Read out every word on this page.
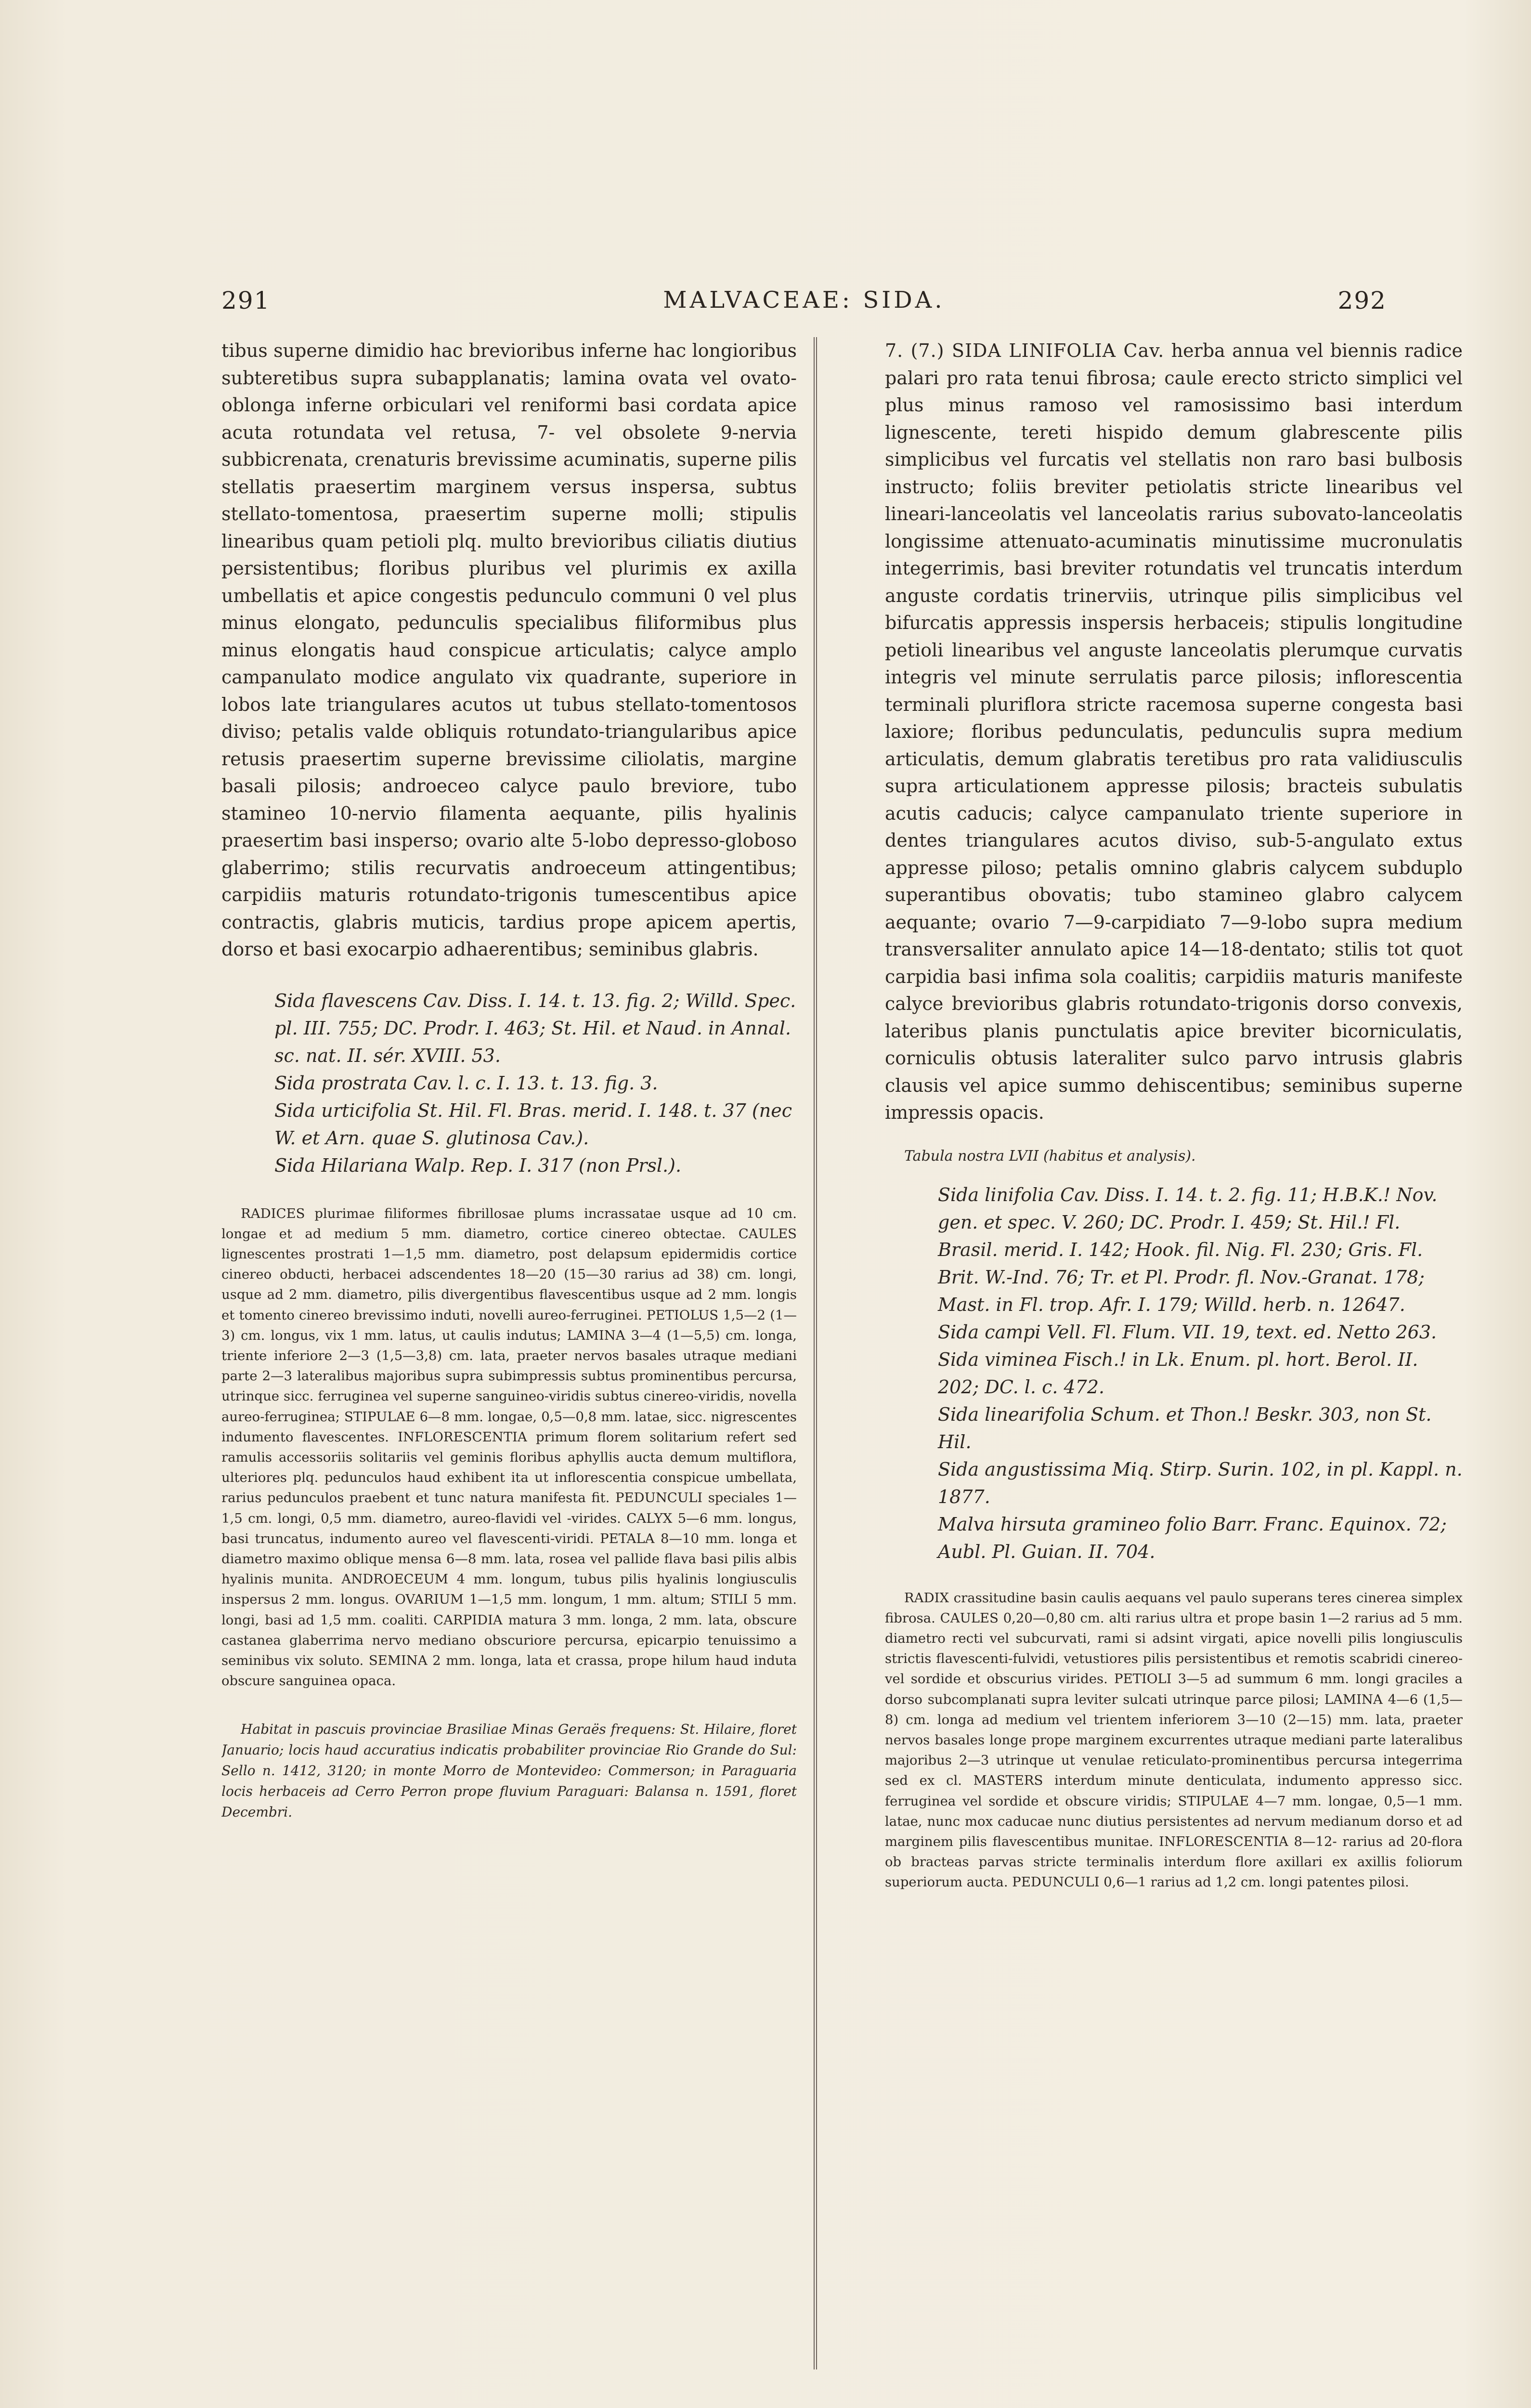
291	MALVACEAE: SIDA.	292

tibus superne dimidio hac brevioribus inferne hac longioribus subteretibus supra subapplanatis; lamina ovata vel ovato-oblonga inferne orbiculari vel reniformi basi cordata apice acuta rotundata vel retusa, 7- vel obsolete 9-nervia subbicrenata, crenaturis brevissime acuminatis, superne pilis stellatis praesertim marginem versus inspersa, subtus stellato-tomentosa, praesertim superne molli; stipulis linearibus quam petioli plq. multo brevioribus ciliatis diutius persistentibus; floribus pluribus vel plurimis ex axilla umbellatis et apice congestis pedunculo communi 0 vel plus minus elongato, pedunculis specialibus filiformibus plus minus elongatis haud conspicue articulatis; calyce amplo campanulato modice angulato vix quadrante, superiore in lobos late triangulares acutos ut tubus stellato-tomentosos diviso; petalis valde obliquis rotundato-triangularibus apice retusis praesertim superne brevissime ciliolatis, margine basali pilosis; androeceo calyce paulo breviore, tubo stamineo 10-nervio filamenta aequante, pilis hyalinis praesertim basi insperso; ovario alte 5-lobo depresso-globoso glaberrimo; stilis recurvatis androeceum attingentibus; carpidiis maturis rotundato-trigonis tumescentibus apice contractis, glabris muticis, tardius prope apicem apertis, dorso et basi exocarpio adhaerentibus; seminibus glabris.

Sida flavescens Cav. Diss. I. 14. t. 13. fig. 2; Willd. Spec. pl. III. 755; DC. Prodr. I. 463; St. Hil. et Naud. in Annal. sc. nat. II. sér. XVIII. 53.
Sida prostrata Cav. l. c. I. 13. t. 13. fig. 3.
Sida urticifolia St. Hil. Fl. Bras. merid. I. 148. t. 37 (nec W. et Arn. quae S. glutinosa Cav.).
Sida Hilariana Walp. Rep. I. 317 (non Prsl.).

RADICES plurimae filiformes fibrillosae plums incrassatae usque ad 10 cm. longae et ad medium 5 mm. diametro, cortice cinereo obtectae. CAULES lignescentes prostrati 1—1,5 mm. diametro, post delapsum epidermidis cortice cinereo obducti, herbacei adscendentes 18—20 (15—30 rarius ad 38) cm. longi, usque ad 2 mm. diametro, pilis divergentibus flavescentibus usque ad 2 mm. longis et tomento cinereo brevissimo induti, novelli aureo-ferruginei. PETIOLUS 1,5—2 (1—3) cm. longus, vix 1 mm. latus, ut caulis indutus; LAMINA 3—4 (1—5,5) cm. longa, triente inferiore 2—3 (1,5—3,8) cm. lata, praeter nervos basales utraque mediani parte 2—3 lateralibus majoribus supra subimpressis subtus prominentibus percursa, utrinque sicc. ferruginea vel superne sanguineo-viridis subtus cinereo-viridis, novella aureo-ferruginea; STIPULAE 6—8 mm. longae, 0,5—0,8 mm. latae, sicc. nigrescentes indumento flavescentes. INFLORESCENTIA primum florem solitarium refert sed ramulis accessoriis solitariis vel geminis floribus aphyllis aucta demum multiflora, ulteriores plq. pedunculos haud exhibent ita ut inflorescentia conspicue umbellata, rarius pedunculos praebent et tunc natura manifesta fit. PEDUNCULI speciales 1—1,5 cm. longi, 0,5 mm. diametro, aureo-flavidi vel -virides. CALYX 5—6 mm. longus, basi truncatus, indumento aureo vel flavescenti-viridi. PETALA 8—10 mm. longa et diametro maximo oblique mensa 6—8 mm. lata, rosea vel pallide flava basi pilis albis hyalinis munita. ANDROECEUM 4 mm. longum, tubus pilis hyalinis longiusculis inspersus 2 mm. longus. OVARIUM 1—1,5 mm. longum, 1 mm. altum; STILI 5 mm. longi, basi ad 1,5 mm. coaliti. CARPIDIA matura 3 mm. longa, 2 mm. lata, obscure castanea glaberrima nervo mediano obscuriore percursa, epicarpio tenuissimo a seminibus vix soluto. SEMINA 2 mm. longa, lata et crassa, prope hilum haud induta obscure sanguinea opaca.

Habitat in pascuis provinciae Brasiliae Minas Geraës frequens: St. Hilaire, floret Januario; locis haud accuratius indicatis probabiliter provinciae Rio Grande do Sul: Sello n. 1412, 3120; in monte Morro de Montevideo: Commerson; in Paraguaria locis herbaceis ad Cerro Perron prope fluvium Paraguari: Balansa n. 1591, floret Decembri.

7. (7.) SIDA LINIFOLIA Cav. herba annua vel biennis radice palari pro rata tenui fibrosa; caule erecto stricto simplici vel plus minus ramoso vel ramosissimo basi interdum lignescente, tereti hispido demum glabrescente pilis simplicibus vel furcatis vel stellatis non raro basi bulbosis instructo; foliis breviter petiolatis stricte linearibus vel lineari-lanceolatis vel lanceolatis rarius subovato-lanceolatis longissime attenuato-acuminatis minutissime mucronulatis integerrimis, basi breviter rotundatis vel truncatis interdum anguste cordatis trinerviis, utrinque pilis simplicibus vel bifurcatis appressis inspersis herbaceis; stipulis longitudine petioli linearibus vel anguste lanceolatis plerumque curvatis integris vel minute serrulatis parce pilosis; inflorescentia terminali pluriflora stricte racemosa superne congesta basi laxiore; floribus pedunculatis, pedunculis supra medium articulatis, demum glabratis teretibus pro rata validiusculis supra articulationem appresse pilosis; bracteis subulatis acutis caducis; calyce campanulato triente superiore in dentes triangulares acutos diviso, sub-5-angulato extus appresse piloso; petalis omnino glabris calycem subduplo superantibus obovatis; tubo stamineo glabro calycem aequante; ovario 7—9-carpidiato 7—9-lobo supra medium transversaliter annulato apice 14—18-dentato; stilis tot quot carpidia basi infima sola coalitis; carpidiis maturis manifeste calyce brevioribus glabris rotundato-trigonis dorso convexis, lateribus planis punctulatis apice breviter bicorniculatis, corniculis obtusis lateraliter sulco parvo intrusis glabris clausis vel apice summo dehiscentibus; seminibus superne impressis opacis.

Tabula nostra LVII (habitus et analysis).

Sida linifolia Cav. Diss. I. 14. t. 2. fig. 11; H.B.K.! Nov. gen. et spec. V. 260; DC. Prodr. I. 459; St. Hil.! Fl. Brasil. merid. I. 142; Hook. fil. Nig. Fl. 230; Gris. Fl. Brit. W.-Ind. 76; Tr. et Pl. Prodr. fl. Nov.-Granat. 178; Mast. in Fl. trop. Afr. I. 179; Willd. herb. n. 12647.
Sida campi Vell. Fl. Flum. VII. 19, text. ed. Netto 263.
Sida viminea Fisch.! in Lk. Enum. pl. hort. Berol. II. 202; DC. l. c. 472.
Sida linearifolia Schum. et Thon.! Beskr. 303, non St. Hil.
Sida angustissima Miq. Stirp. Surin. 102, in pl. Kappl. n. 1877.
Malva hirsuta gramineo folio Barr. Franc. Equinox. 72; Aubl. Pl. Guian. II. 704.

RADIX crassitudine basin caulis aequans vel paulo superans teres cinerea simplex fibrosa. CAULES 0,20—0,80 cm. alti rarius ultra et prope basin 1—2 rarius ad 5 mm. diametro recti vel subcurvati, rami si adsint virgati, apice novelli pilis longiusculis strictis flavescenti-fulvidi, vetustiores pilis persistentibus et remotis scabridi cinereo- vel sordide et obscurius virides. PETIOLI 3—5 ad summum 6 mm. longi graciles a dorso subcomplanati supra leviter sulcati utrinque parce pilosi; LAMINA 4—6 (1,5—8) cm. longa ad medium vel trientem inferiorem 3—10 (2—15) mm. lata, praeter nervos basales longe prope marginem excurrentes utraque mediani parte lateralibus majoribus 2—3 utrinque ut venulae reticulato-prominentibus percursa integerrima sed ex cl. MASTERS interdum minute denticulata, indumento appresso sicc. ferruginea vel sordide et obscure viridis; STIPULAE 4—7 mm. longae, 0,5—1 mm. latae, nunc mox caducae nunc diutius persistentes ad nervum medianum dorso et ad marginem pilis flavescentibus munitae. INFLORESCENTIA 8—12- rarius ad 20-flora ob bracteas parvas stricte terminalis interdum flore axillari ex axillis foliorum superiorum aucta. PEDUNCULI 0,6—1 rarius ad 1,2 cm. longi patentes pilosi.
